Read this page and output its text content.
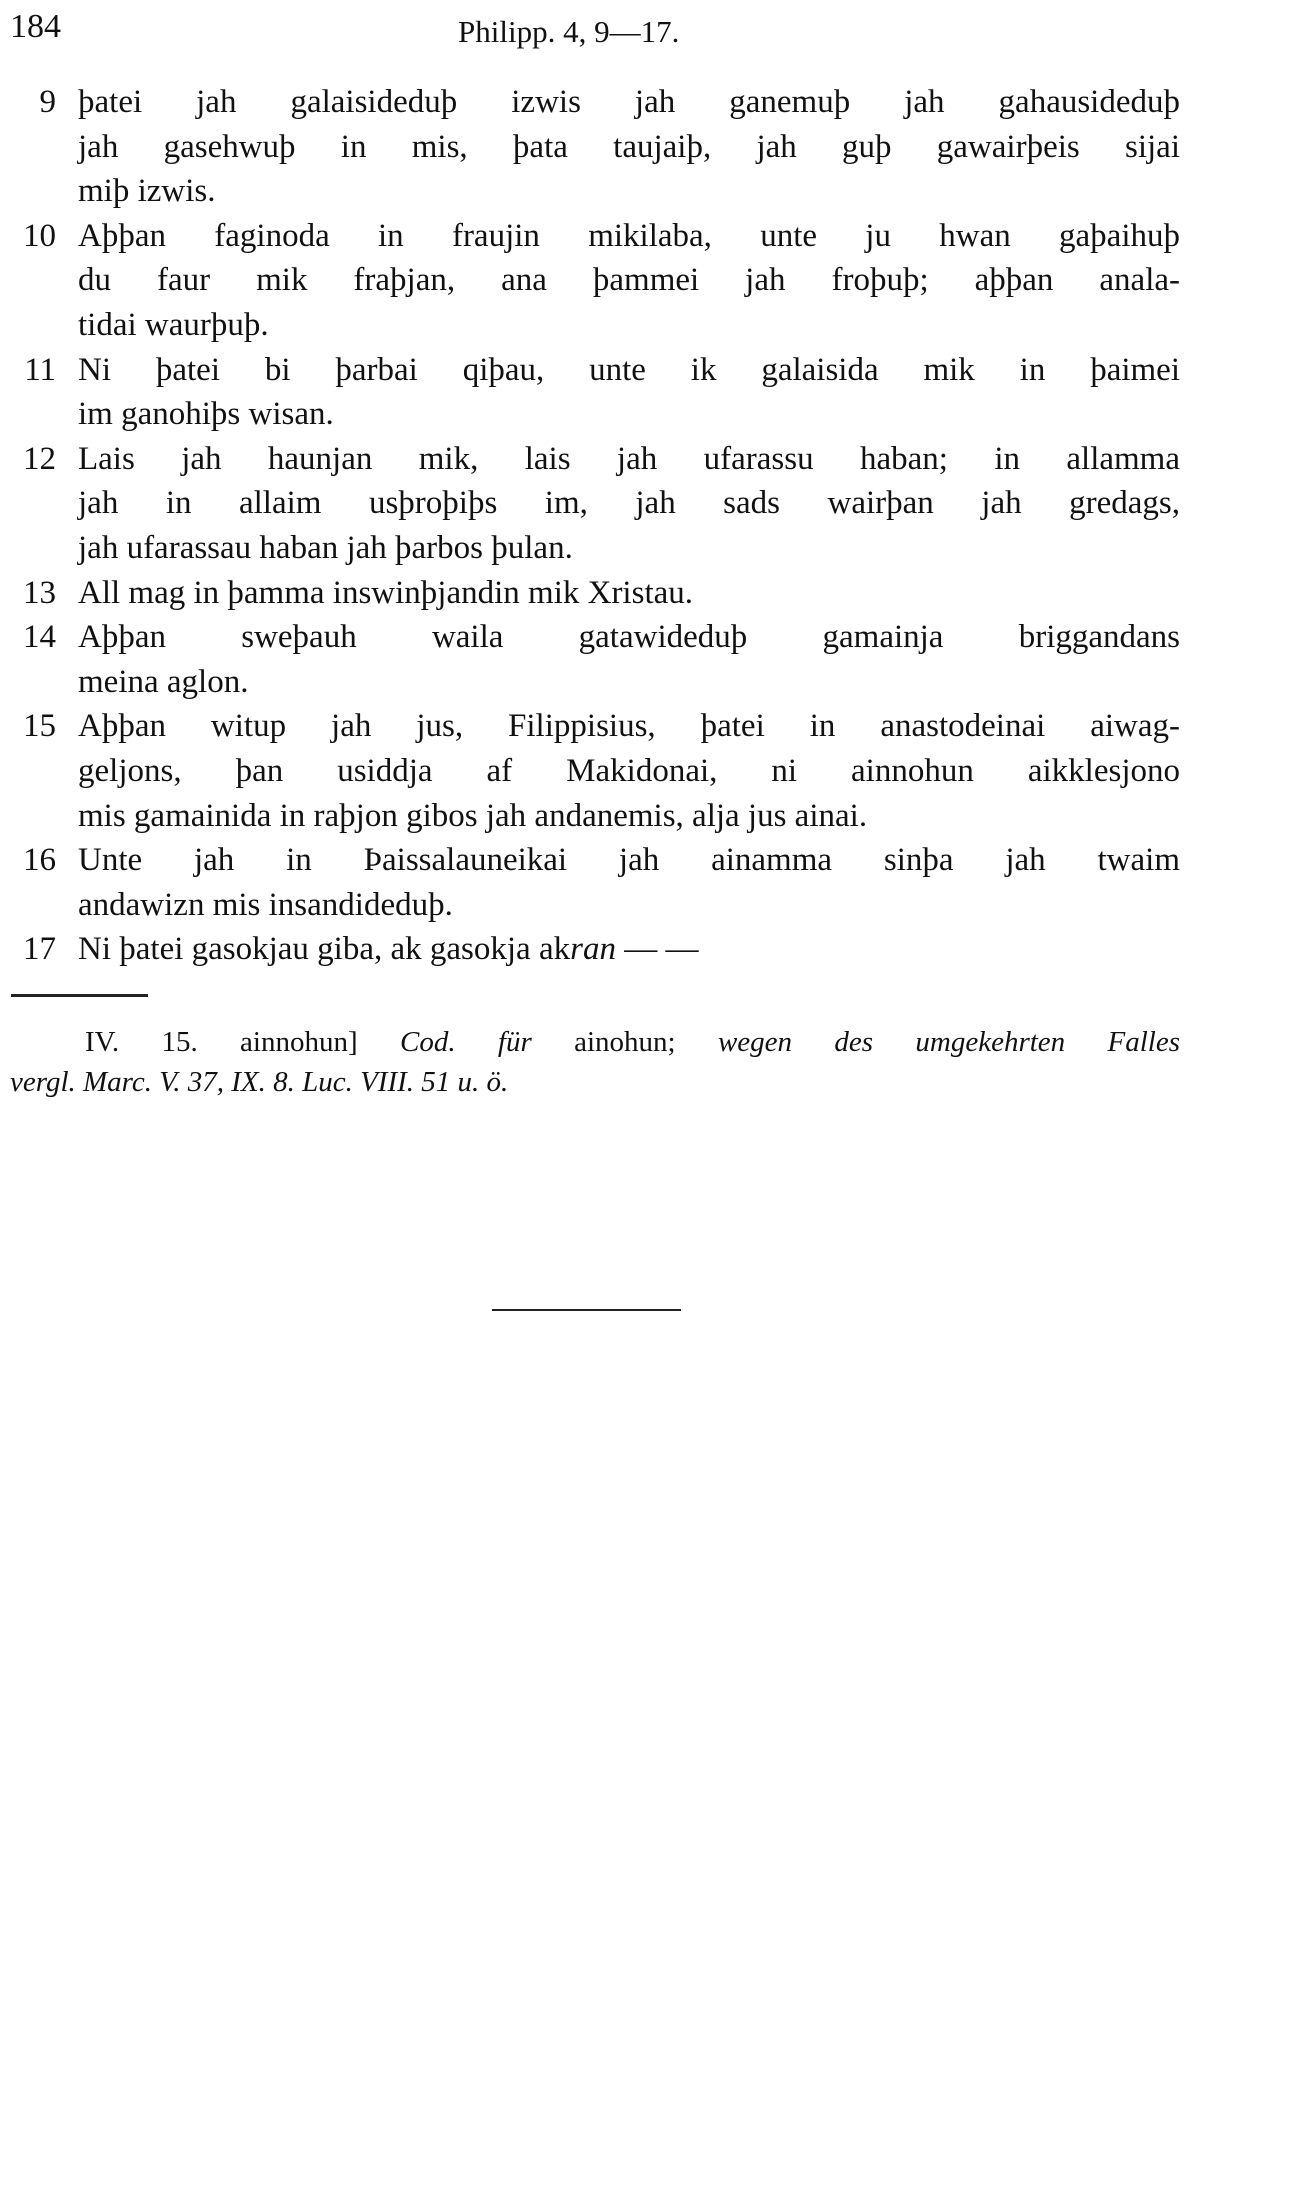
184	Philipp. 4, 9—17.
9 þatei jah galaisideduþ izwis jah ganemuþ jah gahausideduþ
jah gasehwuþ in mis, þata taujaiþ, jah guþ gawairþeis sijai
miþ izwis.
10 Aþþan faginoda in fraujin mikilaba, unte ju hwan gaþaihuþ
du faur mik fraþjan, ana þammei jah froþuþ; aþþan anala-
tidai waurþuþ.
11 Ni þatei bi þarbai qiþau, unte ik galaisida mik in þaimei
im ganohiþs wisan.
12 Lais jah haunjan mik, lais jah ufarassu haban; in allamma
jah in allaim usþroþiþs im, jah sads wairþan jah gredags,
jah ufarassau haban jah þarbos þulan.
13 All mag in þamma inswinþjandin mik Xristau.
14 Aþþan sweþauh waila gatawideduþ gamainja briggandans
meina aglon.
15 Aþþan witup jah jus, Filippisius, þatei in anastodeinai aiwag-
geljons, þan usiddja af Makidonai, ni ainnohun aikklesjono
mis gamainida in raþjon gibos jah andanemis, alja jus ainai.
16 Unte jah in Þaissalauneikai jah ainamma sinþa jah twaim
andawizn mis insandideduþ.
17 Ni þatei gasokjau giba, ak gasokja akran — —
IV. 15. ainnohun] Cod. für ainohun; wegen des umgekehrten Falles
vergl. Marc. V. 37, IX. 8. Luc. VIII. 51 u. ö.
